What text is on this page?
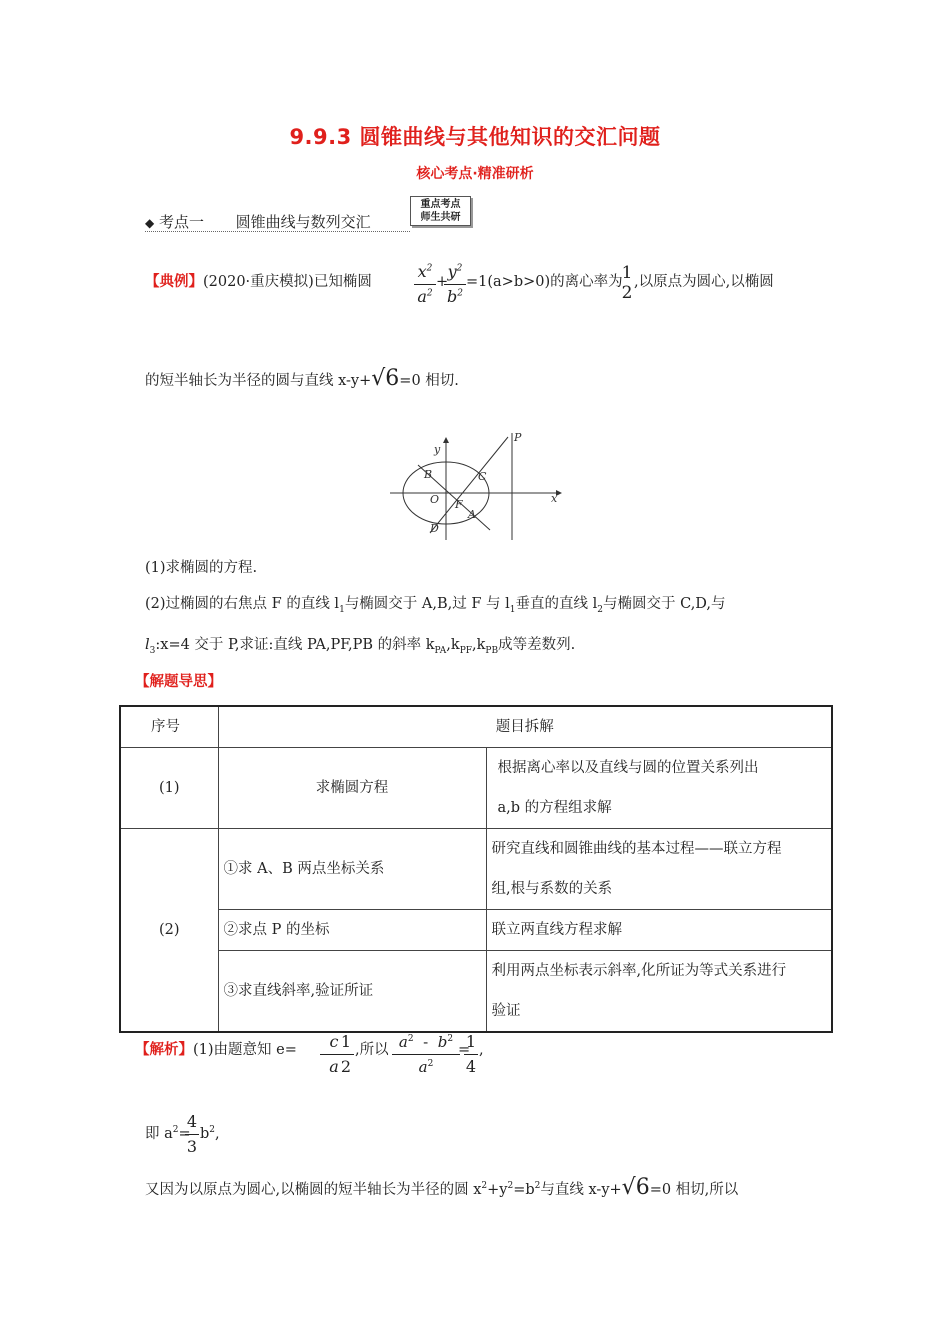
9.9.3 圆锥曲线与其他知识的交汇问题
核心考点·精准研析
◆ 考点一 圆锥曲线与数列交汇
重点考点
师生共研
【典例】(2020·重庆模拟)已知椭圆
$x^2$
$a^2$
+
$y^2$
$b^2$
=1(a>b>0)的离心率为
1
2
,以原点为圆心,以椭圆
的短半轴长为半径的圆与直线 x-y+√6=0 相切.
y
x
O
B	C
F
A
D
P
(1)求椭圆的方程.
(2)过椭圆的右焦点 F 的直线 $l_1$与椭圆交于 A,B,过 F 与 $l_1$垂直的直线 $l_2$与椭圆交于 C,D,与
$l_3:x=4$ 交于 P,求证:直线 PA,PF,PB 的斜率 $k_{PA},k_{PF},k_{PB}$成等差数列.
【解题导思】
序号	题目拆解	
(1)	求椭圆方程	根据离心率以及直线与圆的位置关系列出
a,b 的方程组求解

(2)	①求 A、B 两点坐标关系	研究直线和圆锥曲线的基本过程——联立方程
组,根与系数的关系

	②求点 P 的坐标	联立两直线方程求解
	③求直线斜率,验证所证	利用两点坐标表示斜率,化所证为等式关系进行
验证
【解析】(1)由题意知 e=	c
a
1
2
,所以 $a^2 - b^2$
$a^2$
=
1
4
,
即 $a^2=$
4
3
$b^2$,
又因为以原点为圆心,以椭圆的短半轴长为半径的圆 $x^2+y^2=b^2$与直线 x-y+√6=0 相切,所以
